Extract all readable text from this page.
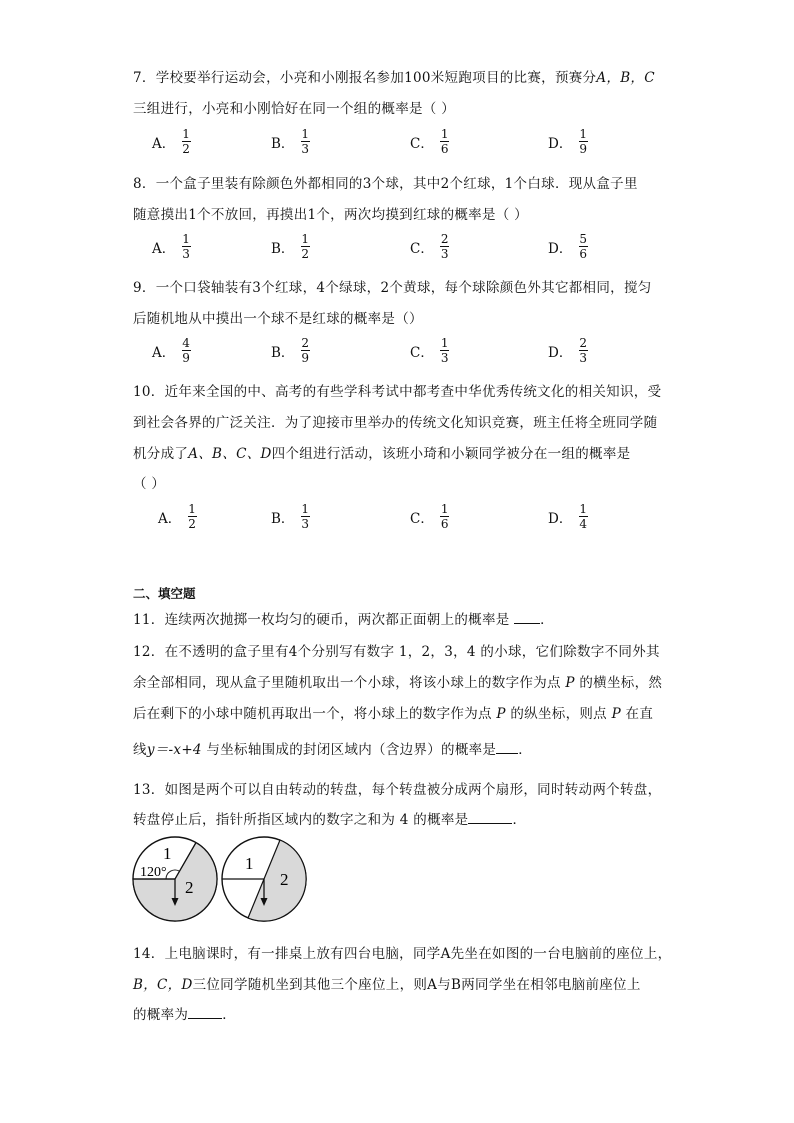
7．学校要举行运动会，小亮和小刚报名参加100米短跑项目的比赛，预赛分A，B，C
三组进行，小亮和小刚恰好在同一个组的概率是（ ）
A． $\frac{1}{2}$	B． $\frac{1}{3}$	C． $\frac{1}{6}$	D． $\frac{1}{9}$
8．一个盒子里装有除颜色外都相同的3个球，其中2个红球，1个白球．现从盒子里
随意摸出1个不放回，再摸出1个，两次均摸到红球的概率是（ ）
A． $\frac{1}{3}$	B． $\frac{1}{2}$	C． $\frac{2}{3}$	D． $\frac{5}{6}$
9．一个口袋轴装有3个红球，4个绿球，2个黄球，每个球除颜色外其它都相同，搅匀
后随机地从中摸出一个球不是红球的概率是（）
A． $\frac{4}{9}$	B． $\frac{2}{9}$	C． $\frac{1}{3}$	D． $\frac{2}{3}$
10．近年来全国的中、高考的有些学科考试中都考查中华优秀传统文化的相关知识，受
到社会各界的广泛关注．为了迎接市里举办的传统文化知识竞赛，班主任将全班同学随
机分成了A、B、C、D四个组进行活动，该班小琦和小颖同学被分在一组的概率是
（ ）
A． $\frac{1}{2}$	B． $\frac{1}{3}$	C． $\frac{1}{6}$	D． $\frac{1}{4}$
二、填空题
11．连续两次抛掷一枚均匀的硬币，两次都正面朝上的概率是 ．
12．在不透明的盒子里有4个分别写有数字 1，2，3，4 的小球，它们除数字不同外其
余全部相同，现从盒子里随机取出一个小球，将该小球上的数字作为点 P 的横坐标，然
后在剩下的小球中随机再取出一个，将小球上的数字作为点 P 的纵坐标，则点 P 在直
线y＝-x+4 与坐标轴围成的封闭区域内（含边界）的概率是 ．
13．如图是两个可以自由转动的转盘，每个转盘被分成两个扇形，同时转动两个转盘，
转盘停止后，指针所指区域内的数字之和为 4 的概率是	．
1
120°
2
1
2
14．上电脑课时，有一排桌上放有四台电脑，同学A先坐在如图的一台电脑前的座位上，
B，C，D三位同学随机坐到其他三个座位上，则A与B两同学坐在相邻电脑前座位上
的概率为	．
